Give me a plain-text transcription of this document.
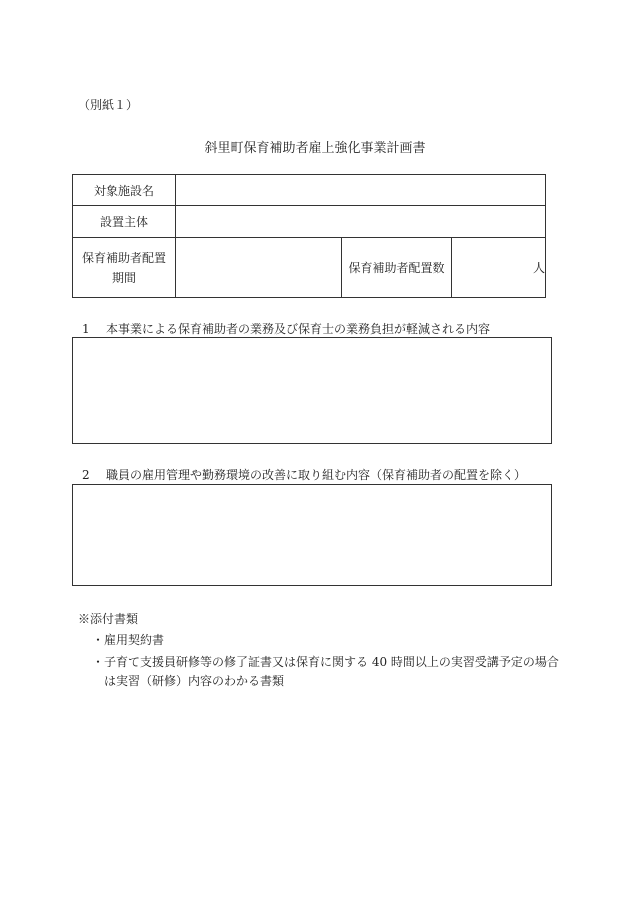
（別紙１）
斜里町保育補助者雇上強化事業計画書
対象施設名			
設置主体			

保育補助者配置
期間		保育補助者配置数	人
1 本事業による保育補助者の業務及び保育士の業務負担が軽減される内容
2 職員の雇用管理や勤務環境の改善に取り組む内容（保育補助者の配置を除く）
※添付書類
・ 雇用契約書
・ 子育て支援員研修等の修了証書又は保育に関する 40 時間以上の実習受講予定の場合は実習（研修）内容のわかる書類
